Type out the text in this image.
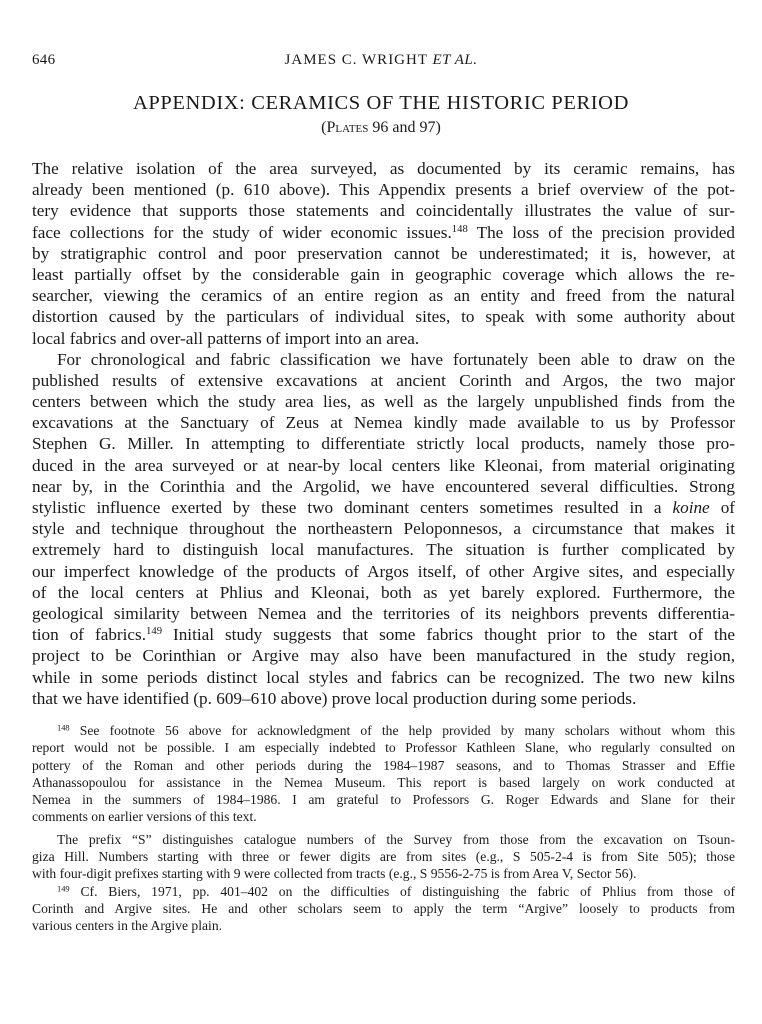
646	JAMES C. WRIGHT ET AL.
APPENDIX: CERAMICS OF THE HISTORIC PERIOD
(Plates 96 and 97)
The relative isolation of the area surveyed, as documented by its ceramic remains, has
already been mentioned (p. 610 above). This Appendix presents a brief overview of the pot-
tery evidence that supports those statements and coincidentally illustrates the value of sur-
face collections for the study of wider economic issues.$^{148}$ The loss of the precision provided
by stratigraphic control and poor preservation cannot be underestimated; it is, however, at
least partially offset by the considerable gain in geographic coverage which allows the re-
searcher, viewing the ceramics of an entire region as an entity and freed from the natural
distortion caused by the particulars of individual sites, to speak with some authority about
local fabrics and over-all patterns of import into an area.
For chronological and fabric classification we have fortunately been able to draw on the
published results of extensive excavations at ancient Corinth and Argos, the two major
centers between which the study area lies, as well as the largely unpublished finds from the
excavations at the Sanctuary of Zeus at Nemea kindly made available to us by Professor
Stephen G. Miller. In attempting to differentiate strictly local products, namely those pro-
duced in the area surveyed or at near-by local centers like Kleonai, from material originating
near by, in the Corinthia and the Argolid, we have encountered several difficulties. Strong
stylistic influence exerted by these two dominant centers sometimes resulted in a koine of
style and technique throughout the northeastern Peloponnesos, a circumstance that makes it
extremely hard to distinguish local manufactures. The situation is further complicated by
our imperfect knowledge of the products of Argos itself, of other Argive sites, and especially
of the local centers at Phlius and Kleonai, both as yet barely explored. Furthermore, the
geological similarity between Nemea and the territories of its neighbors prevents differentia-
tion of fabrics.$^{149}$ Initial study suggests that some fabrics thought prior to the start of the
project to be Corinthian or Argive may also have been manufactured in the study region,
while in some periods distinct local styles and fabrics can be recognized. The two new kilns
that we have identified (p. 609–610 above) prove local production during some periods.
$^{148}$ See footnote 56 above for acknowledgment of the help provided by many scholars without whom this
report would not be possible. I am especially indebted to Professor Kathleen Slane, who regularly consulted on
pottery of the Roman and other periods during the 1984–1987 seasons, and to Thomas Strasser and Effie
Athanassopoulou for assistance in the Nemea Museum. This report is based largely on work conducted at
Nemea in the summers of 1984–1986. I am grateful to Professors G. Roger Edwards and Slane for their
comments on earlier versions of this text.
The prefix “S” distinguishes catalogue numbers of the Survey from those from the excavation on Tsoun-
giza Hill. Numbers starting with three or fewer digits are from sites (e.g., S 505-2-4 is from Site 505); those
with four-digit prefixes starting with 9 were collected from tracts (e.g., S 9556-2-75 is from Area V, Sector 56).
$^{149}$ Cf. Biers, 1971, pp. 401–402 on the difficulties of distinguishing the fabric of Phlius from those of
Corinth and Argive sites. He and other scholars seem to apply the term “Argive” loosely to products from
various centers in the Argive plain.
